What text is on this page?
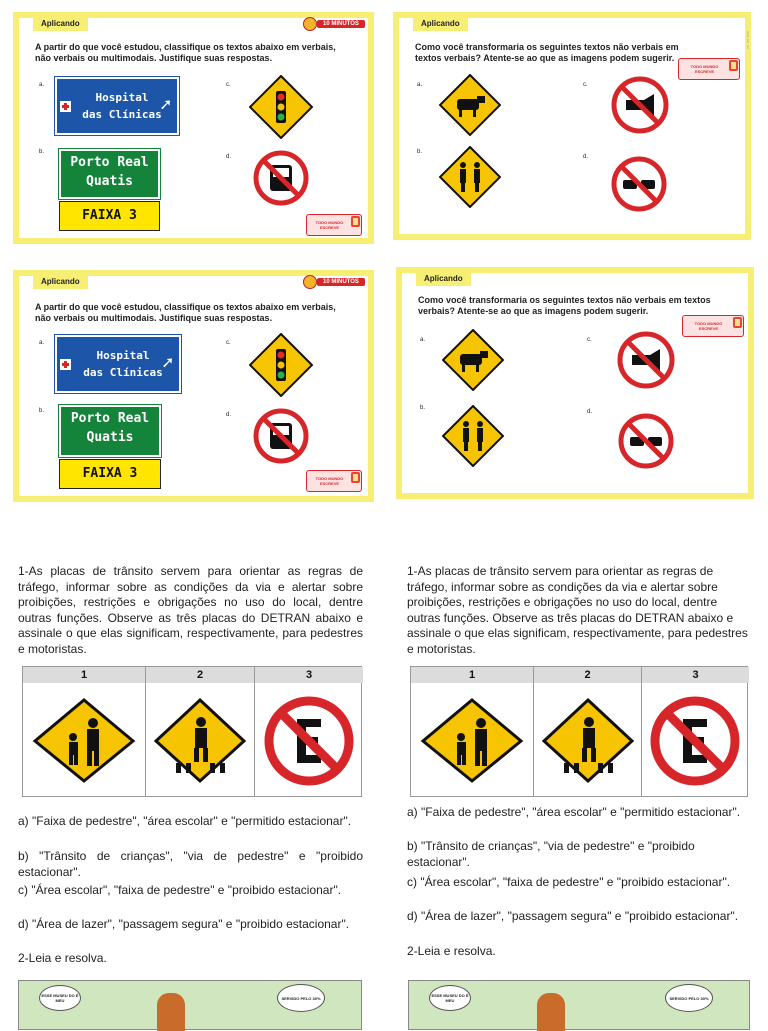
Aplicando	10 MINUTOS
A partir do que você estudou, classifique os textos abaixo em verbais, não verbais ou multimodais. Justifique suas respostas.
a.
b.
c.
d.
Hospital
das Clínicas
➚
Porto Real
Quatis
FAIXA 3	TODO MUNDO
ESCREVE
Aplicando
Como você transformaria os seguintes textos não verbais em textos verbais? Atente-se ao que as imagens podem sugerir.
TODO MUNDO
ESCREVE
a.
b.
c.
d.
EM1_MT_V2
Aplicando	10 MINUTOS
A partir do que você estudou, classifique os textos abaixo em verbais, não verbais ou multimodais. Justifique suas respostas.
a.
b.
c.
d.
Hospital
das Clínicas ➚
Porto Real
Quatis
FAIXA 3	TODO MUNDO
ESCREVE
Aplicando
Como você transformaria os seguintes textos não verbais em textos verbais? Atente-se ao que as imagens podem sugerir.
TODO MUNDO
ESCREVE
a.
b.
c.
d.
1-As placas de trânsito servem para orientar as regras de tráfego, informar sobre as condições da via e alertar sobre proibições, restrições e obrigações no uso do local, dentre outras funções. Observe as três placas do DETRAN abaixo e assinale o que elas significam, respectivamente, para pedestres e motoristas.
1	2	3
a) "Faixa de pedestre", "área escolar" e "permitido estacionar".
b) "Trânsito de crianças", "via de pedestre" e "proibido estacionar".
c) "Área escolar", "faixa de pedestre" e "proibido estacionar".
d) "Área de lazer", "passagem segura" e "proibido estacionar".
2-Leia e resolva.
ESSE MUSEU DO É MEU	SERVIDO PELO 30%
1-As placas de trânsito servem para orientar as regras de tráfego, informar sobre as condições da via e alertar sobre proibições, restrições e obrigações no uso do local, dentre outras funções. Observe as três placas do DETRAN abaixo e assinale o que elas significam, respectivamente, para pedestres e motoristas.
1	2	3
a) "Faixa de pedestre", "área escolar" e "permitido estacionar".
b) "Trânsito de crianças", "via de pedestre" e "proibido estacionar".
c) "Área escolar", "faixa de pedestre" e "proibido estacionar".
d) "Área de lazer", "passagem segura" e "proibido estacionar".
2-Leia e resolva.
ESSE MUSEU DO É MEU	SERVIDO PELO 30%
